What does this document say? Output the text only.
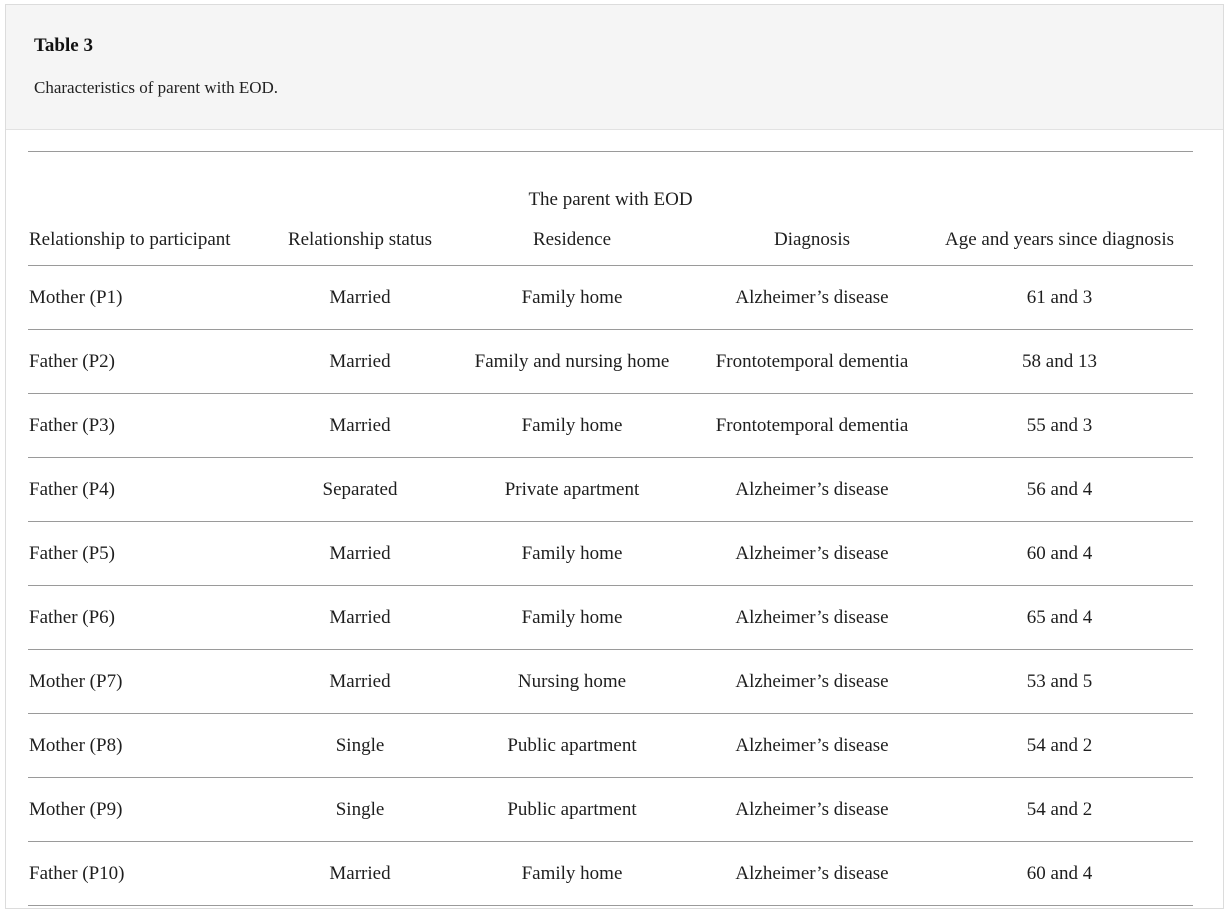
Table 3
Characteristics of parent with EOD.
The parent with EOD				
Relationship to participant	Relationship status	Residence	Diagnosis	Age and years since diagnosis
Mother (P1)	Married	Family home	Alzheimer’s disease	61 and 3
Father (P2)	Married	Family and nursing home	Frontotemporal dementia	58 and 13
Father (P3)	Married	Family home	Frontotemporal dementia	55 and 3
Father (P4)	Separated	Private apartment	Alzheimer’s disease	56 and 4
Father (P5)	Married	Family home	Alzheimer’s disease	60 and 4
Father (P6)	Married	Family home	Alzheimer’s disease	65 and 4
Mother (P7)	Married	Nursing home	Alzheimer’s disease	53 and 5
Mother (P8)	Single	Public apartment	Alzheimer’s disease	54 and 2
Mother (P9)	Single	Public apartment	Alzheimer’s disease	54 and 2
Father (P10)	Married	Family home	Alzheimer’s disease	60 and 4
